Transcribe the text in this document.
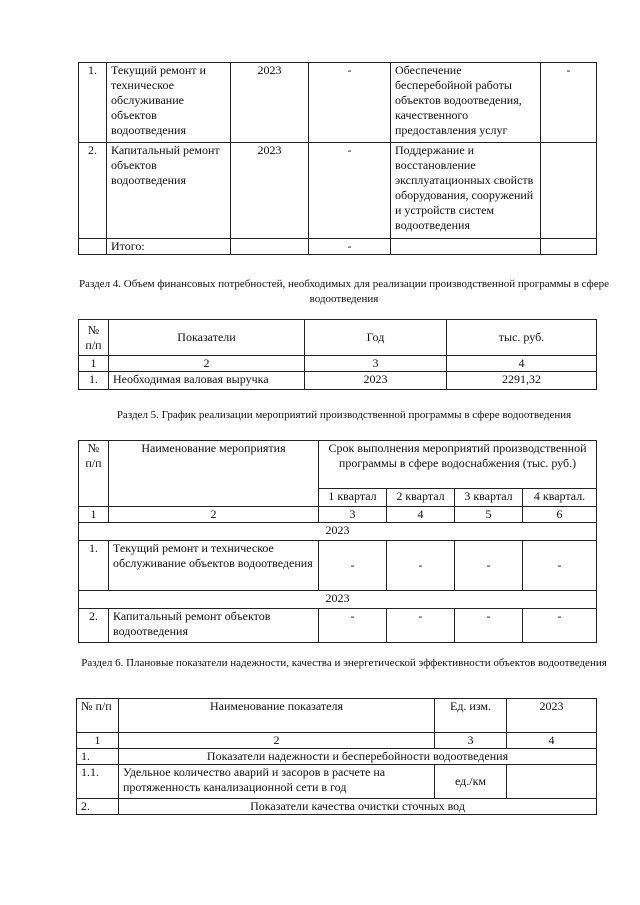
1.	Текущий ремонт и техническое обслуживание объектов водоотведения	2023	-	Обеспечение бесперебойной работы объектов водоотведения, качественного предоставления услуг	-
2.	Капитальный ремонт объектов водоотведения	2023	-	Поддержание и восстановление эксплуатационных свойств оборудования, сооружений и устройств систем водоотведения	
	Итого:		-		
Раздел 4. Объем финансовых потребностей, необходимых для реализации производственной программы в сфере водоотведения
№ п/п	Показатели	Год	тыс. руб.
1	2	3	4
1.	Необходимая валовая выручка	2023	2291,32
Раздел 5. График реализации мероприятий производственной программы в сфере водоотведения
№ п/п	Наименование мероприятия	Срок выполнения мероприятий производственной программы в сфере водоснабжения (тыс. руб.)			
		1 квартал	2 квартал	3 квартал	4 квартал.
1	2	3	4	5	6
2023					
1.	Текущий ремонт и техническое обслуживание объектов водоотведения	-	-	-	-
2023					
2.	Капитальный ремонт объектов водоотведения	-	-	-	-
Раздел 6. Плановые показатели надежности, качества и энергетической эффективности объектов водоотведения
№ п/п	Наименование показателя	Ед. изм.	2023
1	2	3	4
1.	Показатели надежности и бесперебойности водоотведения		
1.1.	Удельное количество аварий и засоров в расчете на протяженность канализационной сети в год	ед./км	
2.	Показатели качества очистки сточных вод		
